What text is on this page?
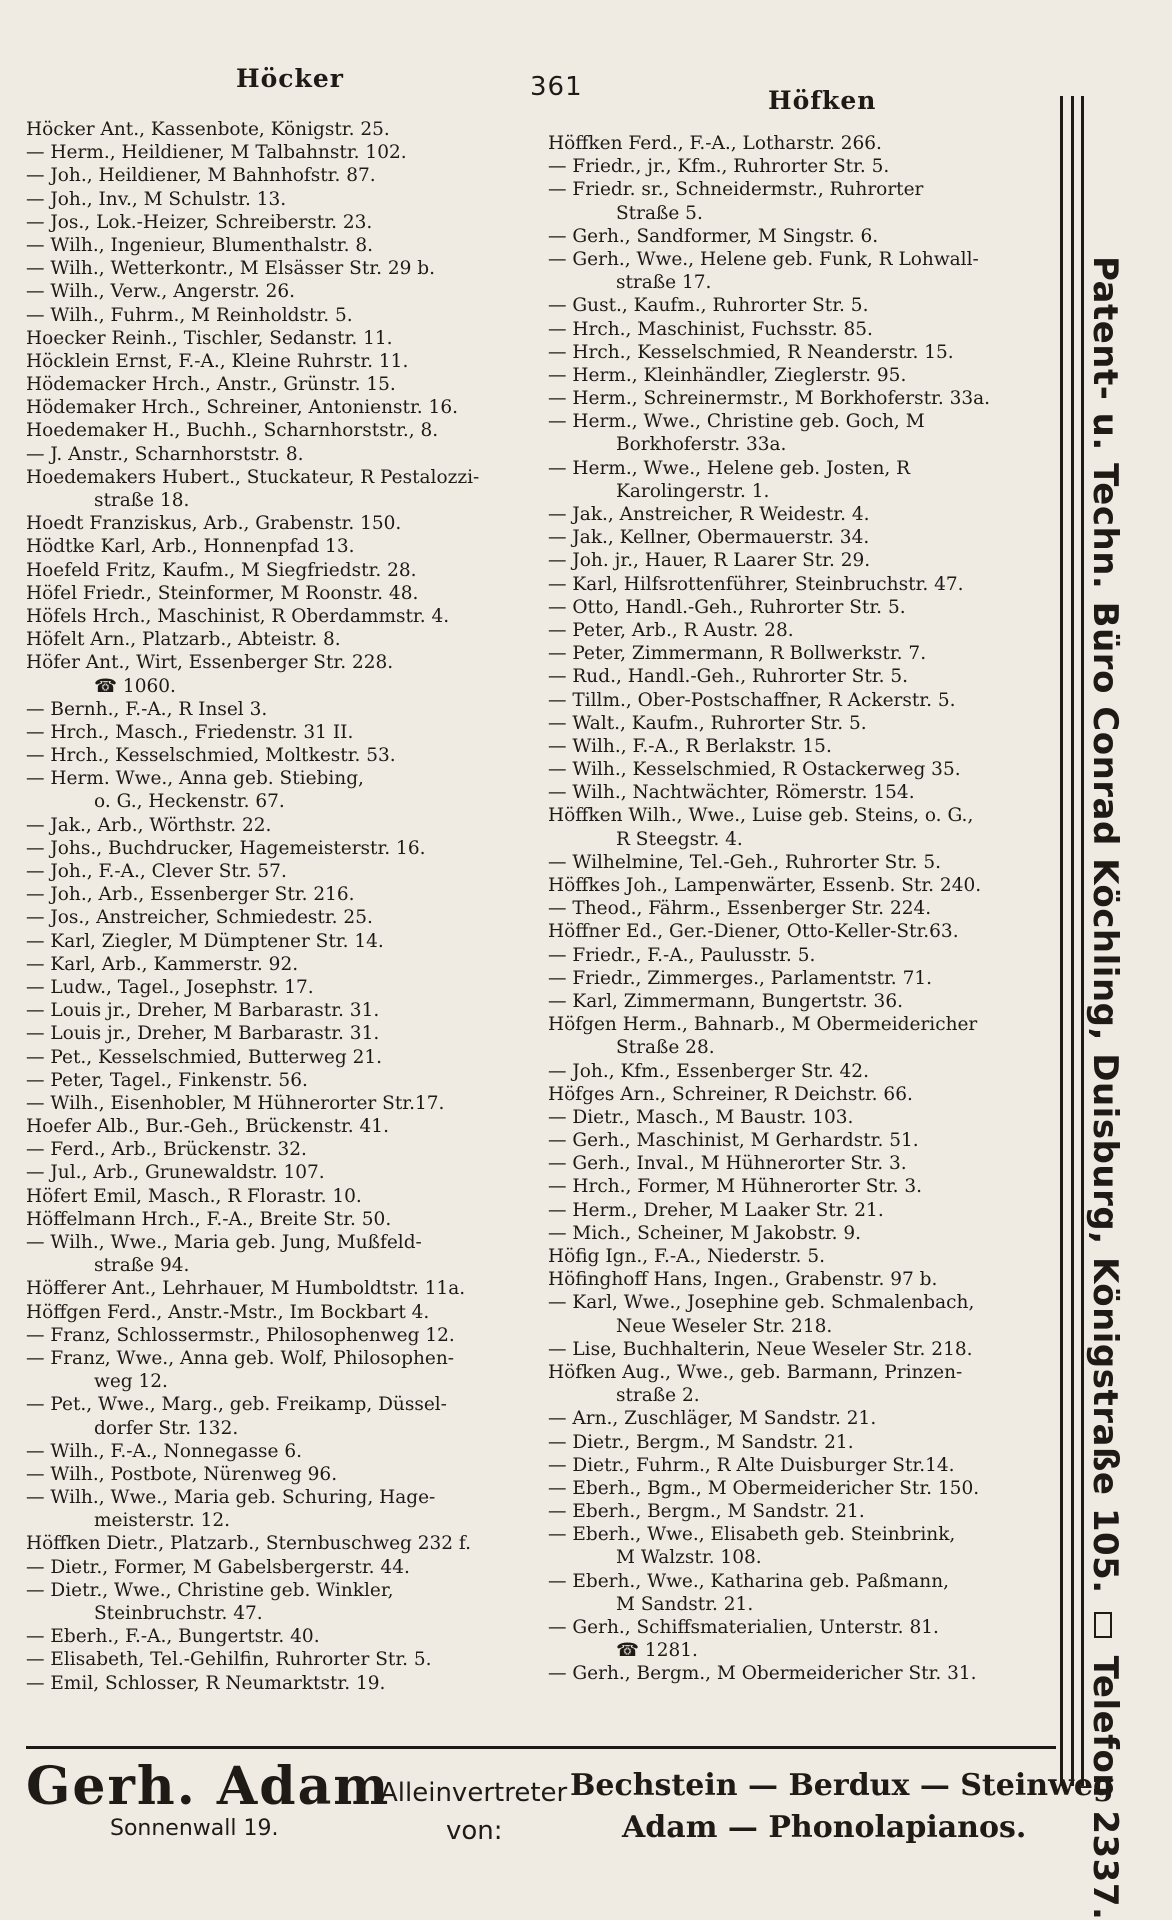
Höcker	361	Höfken
Höcker Ant., Kassenbote, Königstr. 25.
— Herm., Heildiener, M Talbahnstr. 102.
— Joh., Heildiener, M Bahnhofstr. 87.
— Joh., Inv., M Schulstr. 13.
— Jos., Lok.-Heizer, Schreiberstr. 23.
— Wilh., Ingenieur, Blumenthalstr. 8.
— Wilh., Wetterkontr., M Elsässer Str. 29 b.
— Wilh., Verw., Angerstr. 26.
— Wilh., Fuhrm., M Reinholdstr. 5.
Hoecker Reinh., Tischler, Sedanstr. 11.
Höcklein Ernst, F.-A., Kleine Ruhrstr. 11.
Hödemacker Hrch., Anstr., Grünstr. 15.
Hödemaker Hrch., Schreiner, Antonienstr. 16.
Hoedemaker H., Buchh., Scharnhorststr., 8.
— J. Anstr., Scharnhorststr. 8.
Hoedemakers Hubert., Stuckateur, R Pestalozzi-
straße 18.
Hoedt Franziskus, Arb., Grabenstr. 150.
Hödtke Karl, Arb., Honnenpfad 13.
Hoefeld Fritz, Kaufm., M Siegfriedstr. 28.
Höfel Friedr., Steinformer, M Roonstr. 48.
Höfels Hrch., Maschinist, R Oberdammstr. 4.
Höfelt Arn., Platzarb., Abteistr. 8.
Höfer Ant., Wirt, Essenberger Str. 228.
☎ 1060.
— Bernh., F.-A., R Insel 3.
— Hrch., Masch., Friedenstr. 31 II.
— Hrch., Kesselschmied, Moltkestr. 53.
— Herm. Wwe., Anna geb. Stiebing,
o. G., Heckenstr. 67.
— Jak., Arb., Wörthstr. 22.
— Johs., Buchdrucker, Hagemeisterstr. 16.
— Joh., F.-A., Clever Str. 57.
— Joh., Arb., Essenberger Str. 216.
— Jos., Anstreicher, Schmiedestr. 25.
— Karl, Ziegler, M Dümptener Str. 14.
— Karl, Arb., Kammerstr. 92.
— Ludw., Tagel., Josephstr. 17.
— Louis jr., Dreher, M Barbarastr. 31.
— Louis jr., Dreher, M Barbarastr. 31.
— Pet., Kesselschmied, Butterweg 21.
— Peter, Tagel., Finkenstr. 56.
— Wilh., Eisenhobler, M Hühnerorter Str.17.
Hoefer Alb., Bur.-Geh., Brückenstr. 41.
— Ferd., Arb., Brückenstr. 32.
— Jul., Arb., Grunewaldstr. 107.
Höfert Emil, Masch., R Florastr. 10.
Höffelmann Hrch., F.-A., Breite Str. 50.
— Wilh., Wwe., Maria geb. Jung, Mußfeld-
straße 94.
Höfferer Ant., Lehrhauer, M Humboldtstr. 11a.
Höffgen Ferd., Anstr.-Mstr., Im Bockbart 4.
— Franz, Schlossermstr., Philosophenweg 12.
— Franz, Wwe., Anna geb. Wolf, Philosophen-
weg 12.
— Pet., Wwe., Marg., geb. Freikamp, Düssel-
dorfer Str. 132.
— Wilh., F.-A., Nonnegasse 6.
— Wilh., Postbote, Nürenweg 96.
— Wilh., Wwe., Maria geb. Schuring, Hage-
meisterstr. 12.
Höffken Dietr., Platzarb., Sternbuschweg 232 f.
— Dietr., Former, M Gabelsbergerstr. 44.
— Dietr., Wwe., Christine geb. Winkler,
Steinbruchstr. 47.
— Eberh., F.-A., Bungertstr. 40.
— Elisabeth, Tel.-Gehilfin, Ruhrorter Str. 5.
— Emil, Schlosser, R Neumarktstr. 19.
Höffken Ferd., F.-A., Lotharstr. 266.
— Friedr., jr., Kfm., Ruhrorter Str. 5.
— Friedr. sr., Schneidermstr., Ruhrorter
Straße 5.
— Gerh., Sandformer, M Singstr. 6.
— Gerh., Wwe., Helene geb. Funk, R Lohwall-
straße 17.
— Gust., Kaufm., Ruhrorter Str. 5.
— Hrch., Maschinist, Fuchsstr. 85.
— Hrch., Kesselschmied, R Neanderstr. 15.
— Herm., Kleinhändler, Zieglerstr. 95.
— Herm., Schreinermstr., M Borkhoferstr. 33a.
— Herm., Wwe., Christine geb. Goch, M
Borkhoferstr. 33a.
— Herm., Wwe., Helene geb. Josten, R
Karolingerstr. 1.
— Jak., Anstreicher, R Weidestr. 4.
— Jak., Kellner, Obermauerstr. 34.
— Joh. jr., Hauer, R Laarer Str. 29.
— Karl, Hilfsrottenführer, Steinbruchstr. 47.
— Otto, Handl.-Geh., Ruhrorter Str. 5.
— Peter, Arb., R Austr. 28.
— Peter, Zimmermann, R Bollwerkstr. 7.
— Rud., Handl.-Geh., Ruhrorter Str. 5.
— Tillm., Ober-Postschaffner, R Ackerstr. 5.
— Walt., Kaufm., Ruhrorter Str. 5.
— Wilh., F.-A., R Berlakstr. 15.
— Wilh., Kesselschmied, R Ostackerweg 35.
— Wilh., Nachtwächter, Römerstr. 154.
Höffken Wilh., Wwe., Luise geb. Steins, o. G.,
R Steegstr. 4.
— Wilhelmine, Tel.-Geh., Ruhrorter Str. 5.
Höffkes Joh., Lampenwärter, Essenb. Str. 240.
— Theod., Fährm., Essenberger Str. 224.
Höffner Ed., Ger.-Diener, Otto-Keller-Str.63.
— Friedr., F.-A., Paulusstr. 5.
— Friedr., Zimmerges., Parlamentstr. 71.
— Karl, Zimmermann, Bungertstr. 36.
Höfgen Herm., Bahnarb., M Obermeidericher
Straße 28.
— Joh., Kfm., Essenberger Str. 42.
Höfges Arn., Schreiner, R Deichstr. 66.
— Dietr., Masch., M Baustr. 103.
— Gerh., Maschinist, M Gerhardstr. 51.
— Gerh., Inval., M Hühnerorter Str. 3.
— Hrch., Former, M Hühnerorter Str. 3.
— Herm., Dreher, M Laaker Str. 21.
— Mich., Scheiner, M Jakobstr. 9.
Höfig Ign., F.-A., Niederstr. 5.
Höfinghoff Hans, Ingen., Grabenstr. 97 b.
— Karl, Wwe., Josephine geb. Schmalenbach,
Neue Weseler Str. 218.
— Lise, Buchhalterin, Neue Weseler Str. 218.
Höfken Aug., Wwe., geb. Barmann, Prinzen-
straße 2.
— Arn., Zuschläger, M Sandstr. 21.
— Dietr., Bergm., M Sandstr. 21.
— Dietr., Fuhrm., R Alte Duisburger Str.14.
— Eberh., Bgm., M Obermeidericher Str. 150.
— Eberh., Bergm., M Sandstr. 21.
— Eberh., Wwe., Elisabeth geb. Steinbrink,
M Walzstr. 108.
— Eberh., Wwe., Katharina geb. Paßmann,
M Sandstr. 21.
— Gerh., Schiffsmaterialien, Unterstr. 81.
☎ 1281.
— Gerh., Bergm., M Obermeidericher Str. 31.
Patent- u. Techn. Büro Conrad Köchling, Duisburg, Königstraße 105.Telefon 2337.
Gerh. Adam
Sonnenwall 19.
Alleinvertreter
von:
Bechstein — Berdux — Steinweg
Adam — Phonolapianos.
